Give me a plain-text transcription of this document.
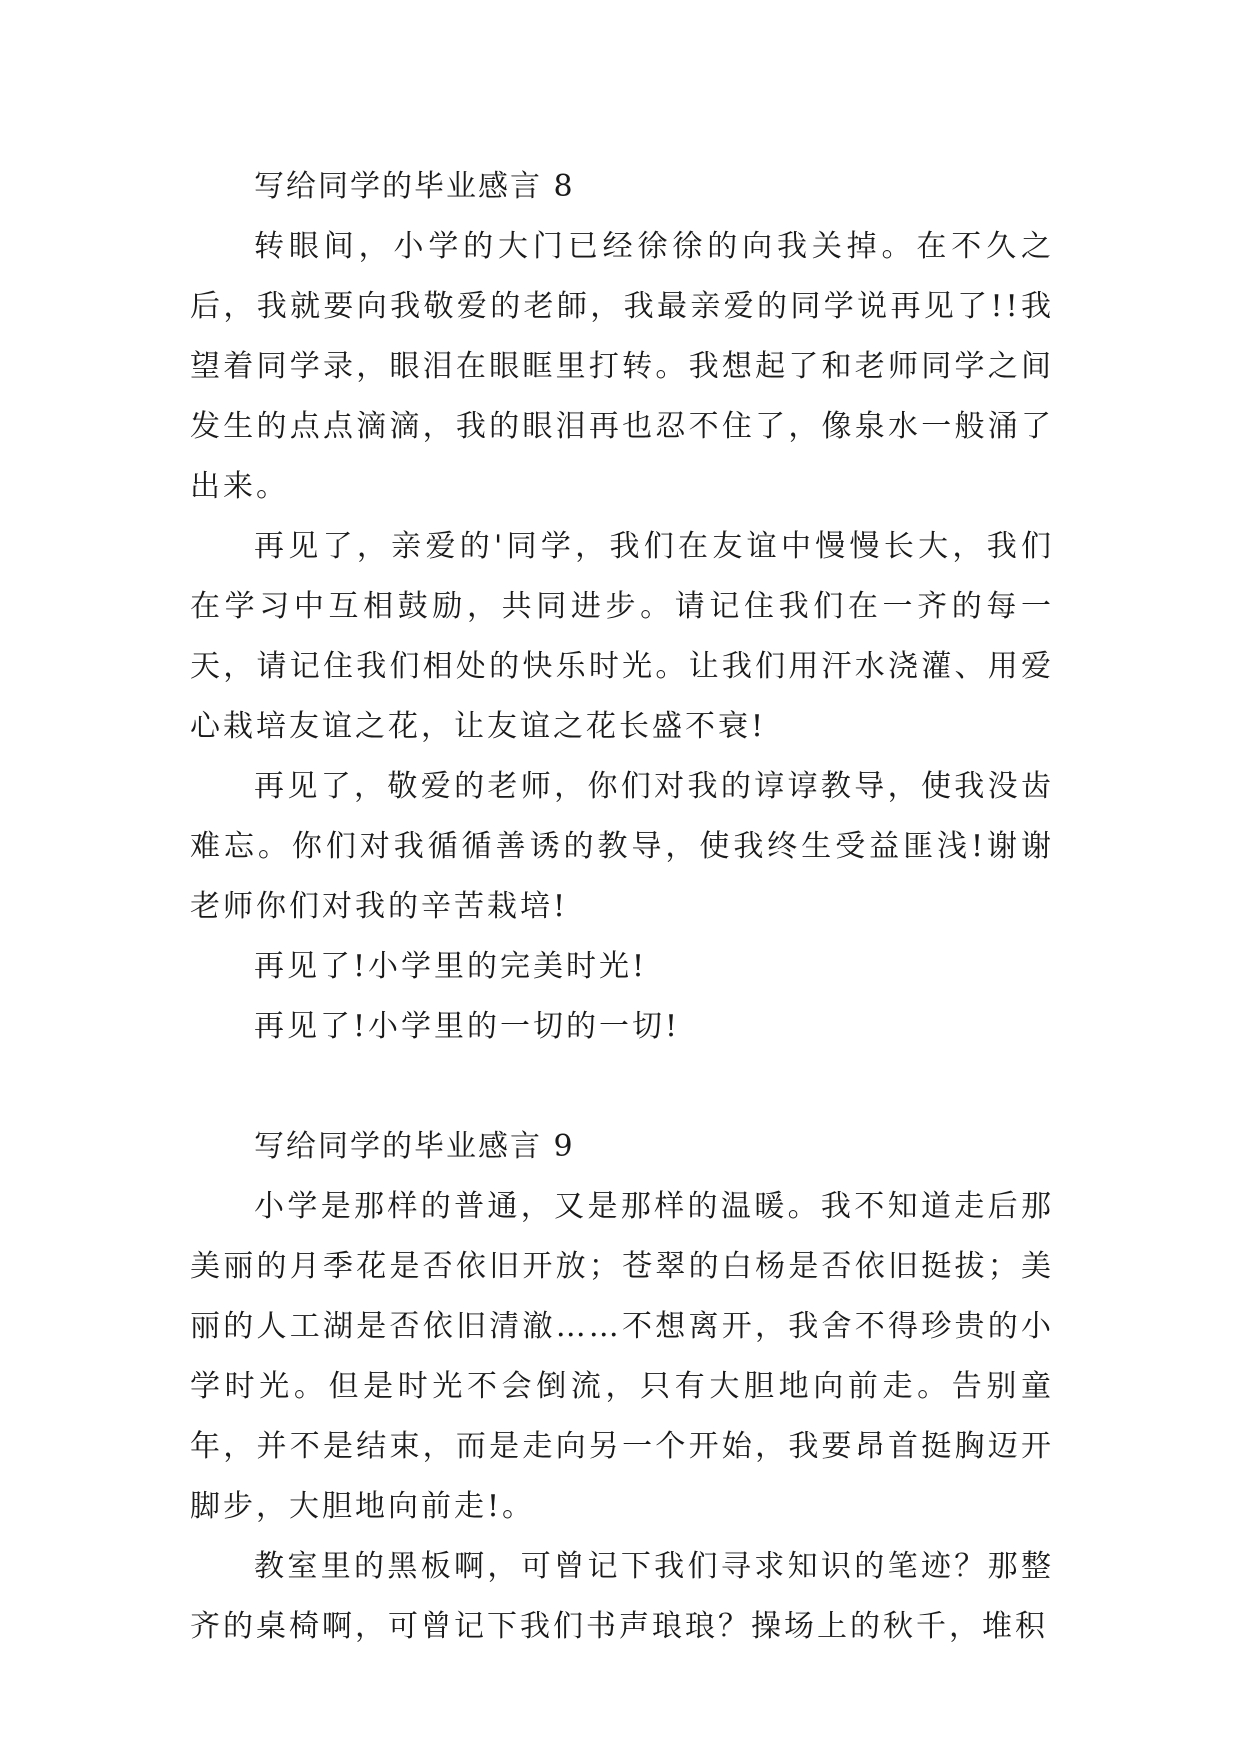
写给同学的毕业感言 8

转眼间，小学的大门已经徐徐的向我关掉。在不久之后，我就要向我敬爱的老師，我最亲爱的同学说再见了!!我望着同学录，眼泪在眼眶里打转。我想起了和老师同学之间发生的点点滴滴，我的眼泪再也忍不住了，像泉水一般涌了出来。

再见了，亲爱的'同学，我们在友谊中慢慢长大，我们在学习中互相鼓励，共同进步。请记住我们在一齐的每一天，请记住我们相处的快乐时光。让我们用汗水浇灌、用爱心栽培友谊之花，让友谊之花长盛不衰!

再见了，敬爱的老师，你们对我的谆谆教导，使我没齿难忘。你们对我循循善诱的教导，使我终生受益匪浅!谢谢老师你们对我的辛苦栽培!

再见了!小学里的完美时光!

再见了!小学里的一切的一切!

写给同学的毕业感言 9

小学是那样的普通，又是那样的温暖。我不知道走后那美丽的月季花是否依旧开放；苍翠的白杨是否依旧挺拔；美丽的人工湖是否依旧清澈……不想离开，我舍不得珍贵的小学时光。但是时光不会倒流，只有大胆地向前走。告别童年，并不是结束，而是走向另一个开始，我要昂首挺胸迈开脚步，大胆地向前走!。

教室里的黑板啊，可曾记下我们寻求知识的笔迹？那整齐的桌椅啊，可曾记下我们书声琅琅？操场上的秋千，堆积
